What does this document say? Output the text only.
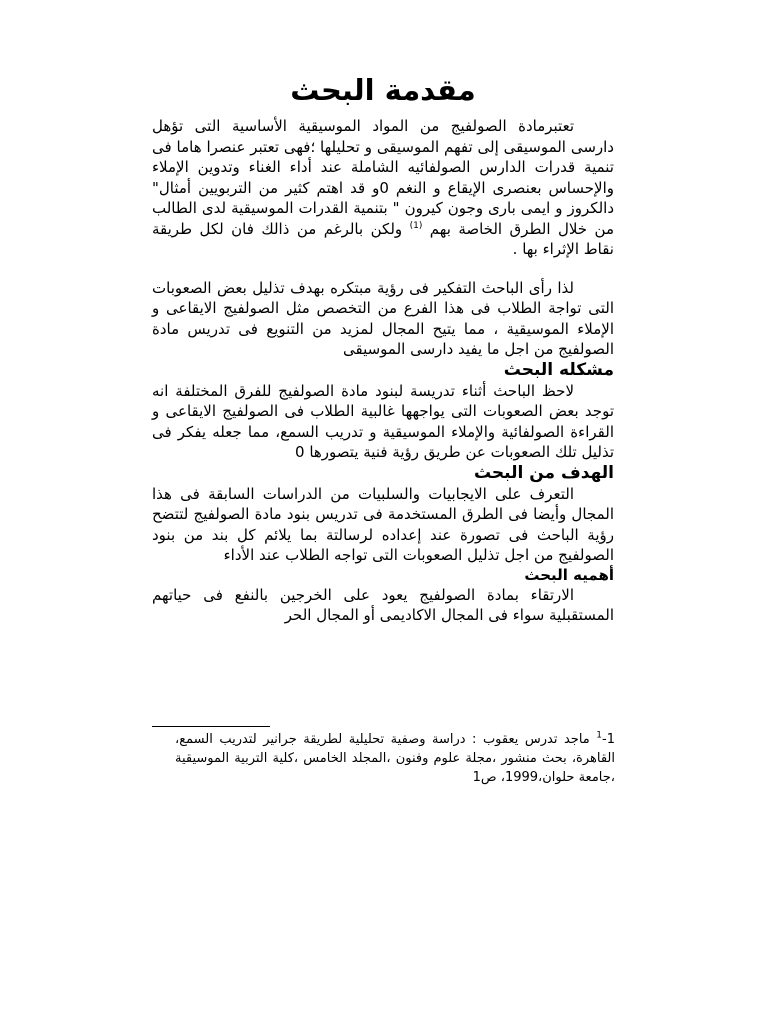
مقدمة البحث

تعتبرمادة الصولفيج من المواد الموسيقية الأساسية التى تؤهل دارسى الموسيقى إلى تفهم الموسيقى و تحليلها ؛فهى تعتبر عنصرا هاما فى تنمية قدرات الدارس الصولفائيه الشاملة عند أداء الغناء وتدوين الإملاء والإحساس بعنصرى الإيقاع و النغم 0و قد اهتم كثير من التربويين أمثال" دالكروز و ايمى بارى وجون كيرون " بتنمية القدرات الموسيقية لدى الطالب من خلال الطرق الخاصة بهم $^{(1)}$ ولكن بالرغم من ذالك فان لكل طريقة نقاط الإثراء بها .

لذا رأى الباحث التفكير فى رؤية مبتكره بهدف تذليل بعض الصعوبات التى تواجة الطلاب فى هذا الفرع من التخصص مثل الصولفيج الايقاعى و الإملاء الموسيقية ، مما يتيح المجال لمزيد من التنويع فى تدريس مادة الصولفيج من اجل ما يفيد دارسى الموسيقى

مشكله البحث

لاحظ الباحث أثناء تدريسة لبنود مادة الصولفيج للفرق المختلفة انه توجد بعض الصعوبات التى يواجهها غالبية الطلاب فى الصولفيج الايقاعى و القراءة الصولفائية والإملاء الموسيقية و تدريب السمع، مما جعله يفكر فى تذليل تلك الصعوبات عن طريق رؤية فنية يتصورها 0

الهدف من البحث

التعرف على الايجابيات والسلبيات من الدراسات السابقة فى هذا المجال وأيضا فى الطرق المستخدمة فى تدريس بنود مادة الصولفيج لتتضح رؤية الباحث فى تصورة عند إعداده لرسالتة بما يلائم كل بند من بنود الصولفيج من اجل تذليل الصعوبات التى تواجه الطلاب عند الأداء

أهميه البحث

الارتقاء بمادة الصولفيج يعود على الخرجين بالنفع فى حياتهم المستقبلية سواء فى المجال الاكاديمى أو المجال الحر

$^1$-1 ماجد تدرس يعقوب : دراسة وصفية تحليلية لطريقة جرانير لتدريب السمع، القاهرة، بحث منشور ،مجلة علوم وفنون ،المجلد الخامس ،كلية التربية الموسيقية ،جامعة حلوان،1999، ص1
